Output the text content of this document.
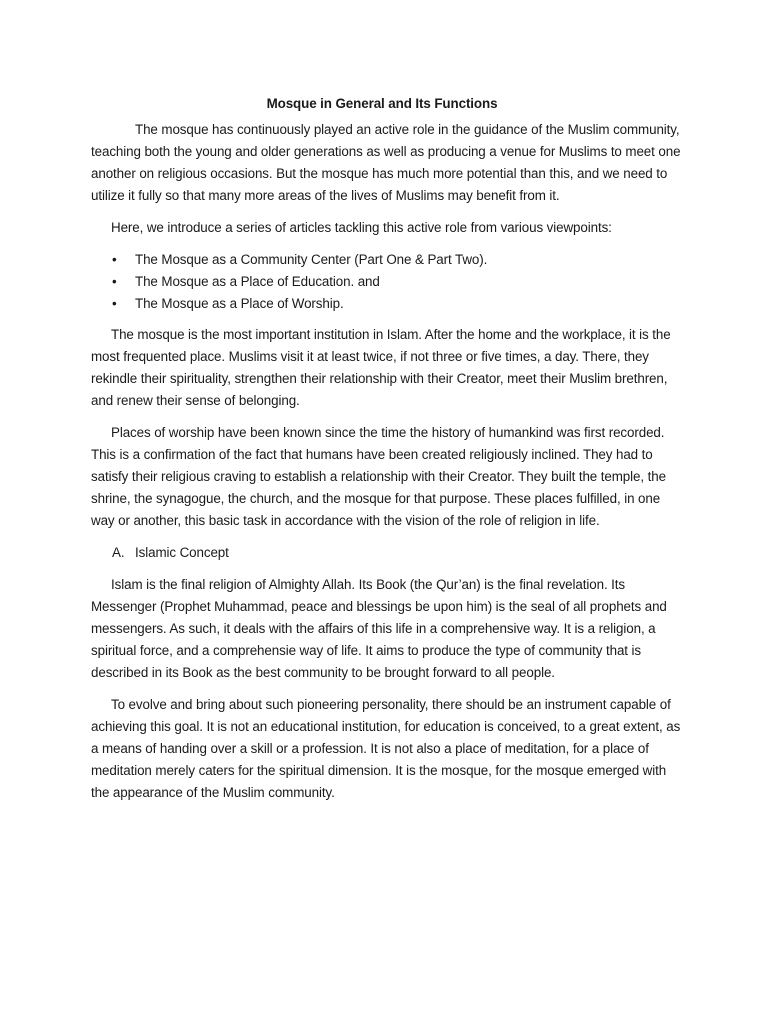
Mosque in General and Its Functions

The mosque has continuously played an active role in the guidance of the Muslim community, teaching both the young and older generations as well as producing a venue for Muslims to meet one another on religious occasions. But the mosque has much more potential than this, and we need to utilize it fully so that many more areas of the lives of Muslims may benefit from it.

Here, we introduce a series of articles tackling this active role from various viewpoints:

• The Mosque as a Community Center (Part One & Part Two).
• The Mosque as a Place of Education. and
• The Mosque as a Place of Worship.

The mosque is the most important institution in Islam. After the home and the workplace, it is the most frequented place. Muslims visit it at least twice, if not three or five times, a day. There, they rekindle their spirituality, strengthen their relationship with their Creator, meet their Muslim brethren, and renew their sense of belonging.

Places of worship have been known since the time the history of humankind was first recorded. This is a confirmation of the fact that humans have been created religiously inclined. They had to satisfy their religious craving to establish a relationship with their Creator. They built the temple, the shrine, the synagogue, the church, and the mosque for that purpose. These places fulfilled, in one way or another, this basic task in accordance with the vision of the role of religion in life.

A. Islamic Concept

Islam is the final religion of Almighty Allah. Its Book (the Qur’an) is the final revelation. Its Messenger (Prophet Muhammad, peace and blessings be upon him) is the seal of all prophets and messengers. As such, it deals with the affairs of this life in a comprehensive way. It is a religion, a spiritual force, and a comprehensie way of life. It aims to produce the type of community that is described in its Book as the best community to be brought forward to all people.

To evolve and bring about such pioneering personality, there should be an instrument capable of achieving this goal. It is not an educational institution, for education is conceived, to a great extent, as a means of handing over a skill or a profession. It is not also a place of meditation, for a place of meditation merely caters for the spiritual dimension. It is the mosque, for the mosque emerged with the appearance of the Muslim community.
